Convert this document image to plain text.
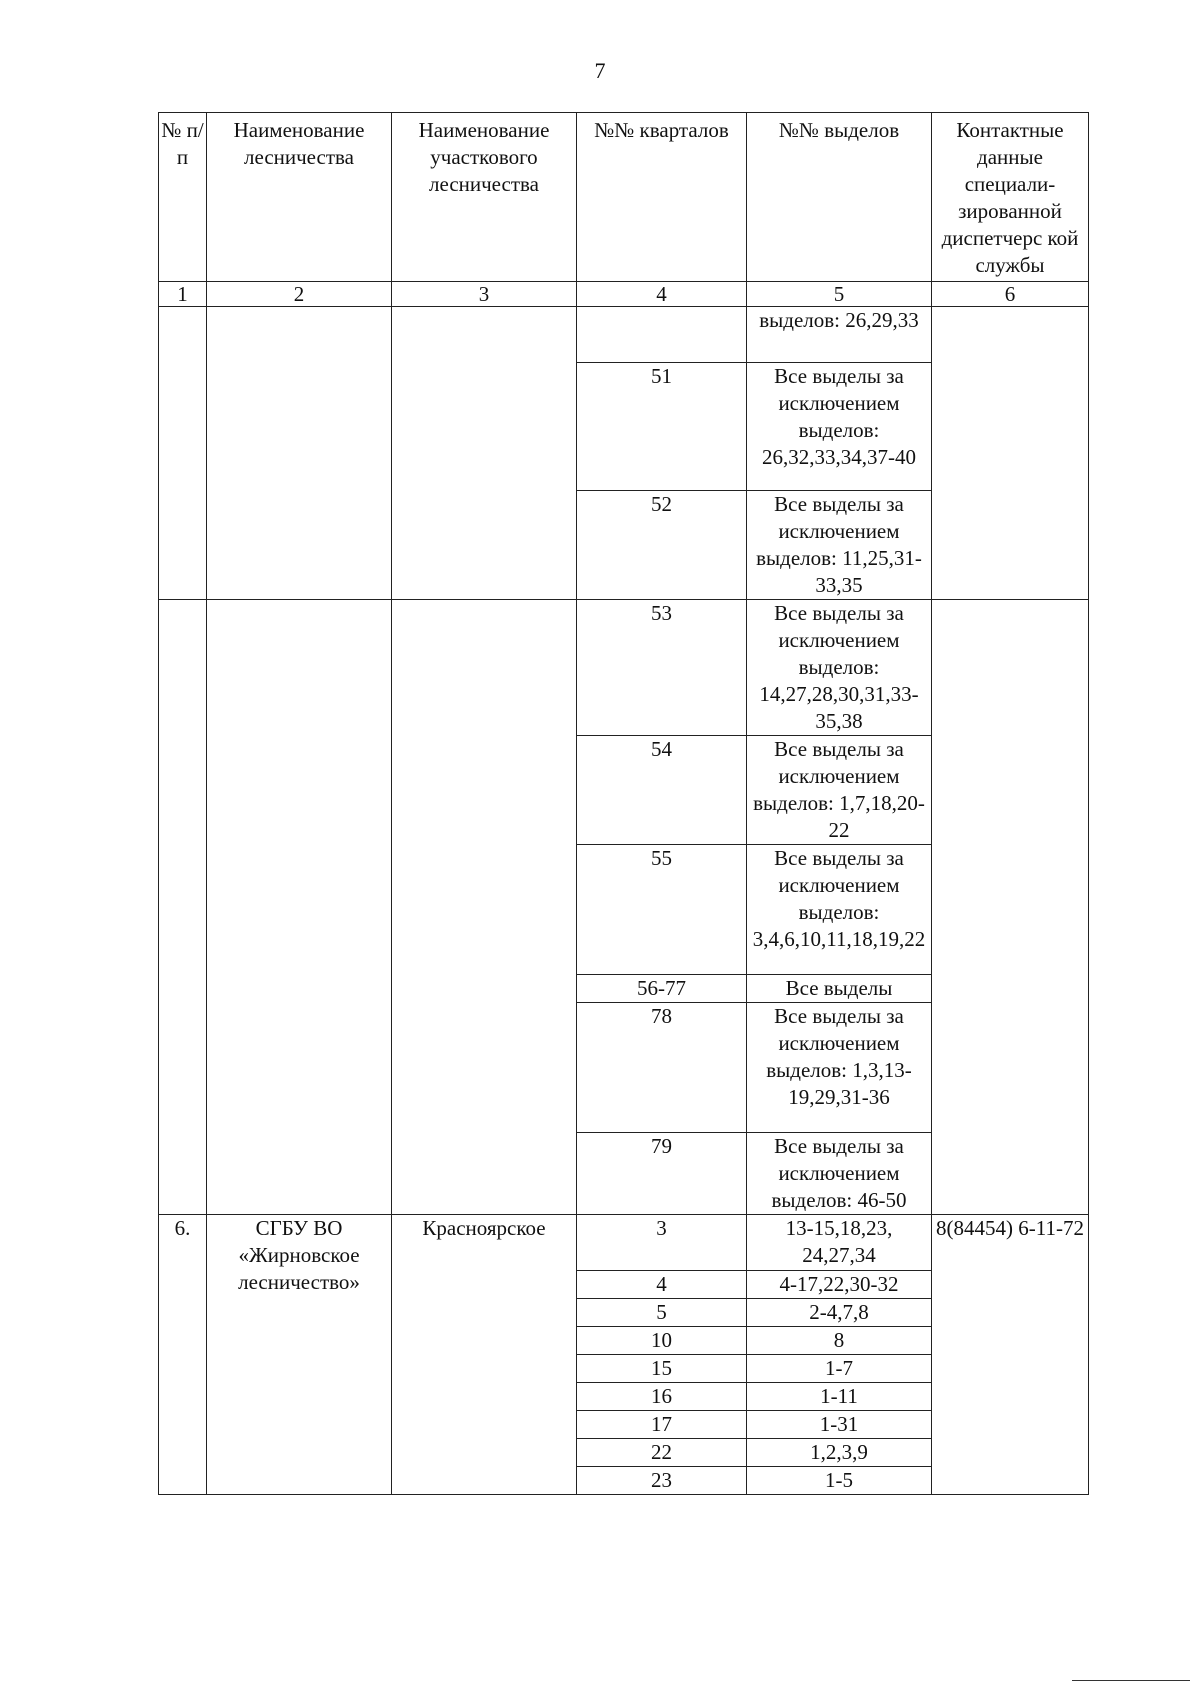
7
№ п/п	Наименование лесничества	Наименование участкового лесничества	№№ кварталов	№№ выделов	Контактные данные специали-зированной диспетчерс кой службы
1	2	3	4	5	6
				выделов: 26,29,33	
			51	Все выделы за исключением выделов: 26,32,33,34,37-40	
			52	Все выделы за исключением выделов: 11,25,31-33,35	
			53	Все выделы за исключением выделов: 14,27,28,30,31,33-35,38	
			54	Все выделы за исключением выделов: 1,7,18,20-22	
			55	Все выделы за исключением выделов: 3,4,6,10,11,18,19,22	
			56-77	Все выделы	
			78	Все выделы за исключением выделов: 1,3,13-19,29,31-36	
			79	Все выделы за исключением выделов: 46-50	
6.	СГБУ ВО «Жирновское лесничество»	Красноярское	3	13-15,18,23, 24,27,34	8(84454) 6-11-72
			4	4-17,22,30-32	
			5	2-4,7,8	
			10	8	
			15	1-7	
			16	1-11	
			17	1-31	
			22	1,2,3,9	
			23	1-5	
